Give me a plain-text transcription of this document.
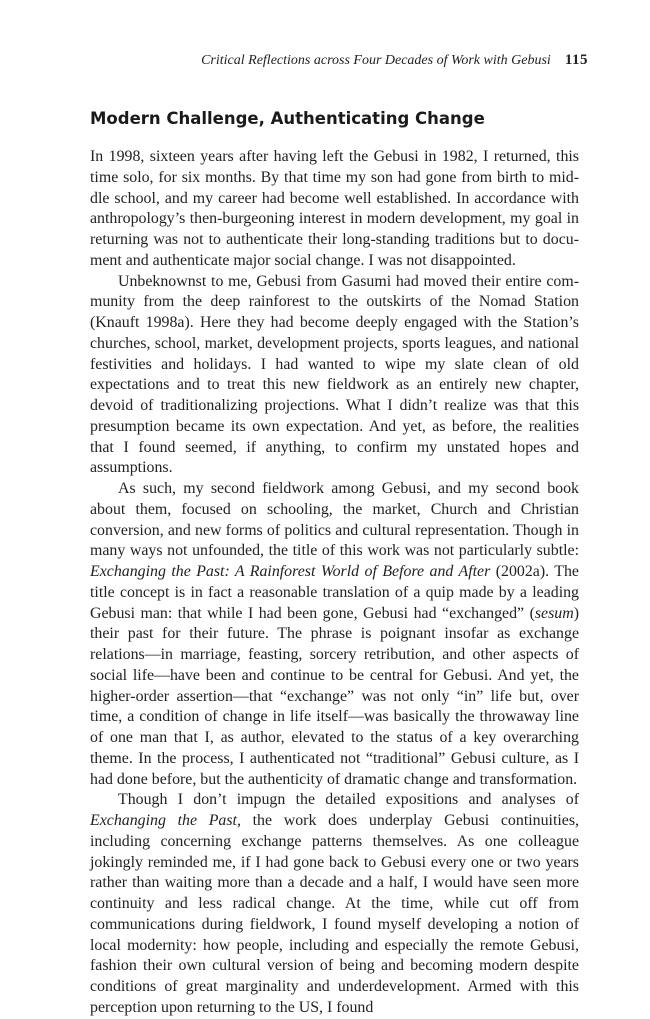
Critical Reflections across Four Decades of Work with Gebusi 115
Modern Challenge, Authenticating Change

In 1998, sixteen years after having left the Gebusi in 1982, I returned, this time solo, for six months. By that time my son had gone from birth to middle school, and my career had become well established. In accordance with anthropology’s then-burgeoning interest in modern development, my goal in returning was not to authenticate their long-standing traditions but to document and authenticate major social change. I was not disappointed.

Unbeknownst to me, Gebusi from Gasumi had moved their entire community from the deep rainforest to the outskirts of the Nomad Station (Knauft 1998a). Here they had become deeply engaged with the Station’s churches, school, market, development projects, sports leagues, and national festivities and holidays. I had wanted to wipe my slate clean of old expectations and to treat this new fieldwork as an entirely new chapter, devoid of traditionalizing projections. What I didn’t realize was that this presumption became its own expectation. And yet, as before, the realities that I found seemed, if anything, to confirm my unstated hopes and assumptions.

As such, my second fieldwork among Gebusi, and my second book about them, focused on schooling, the market, Church and Christian conversion, and new forms of politics and cultural representation. Though in many ways not unfounded, the title of this work was not particularly subtle: Exchanging the Past: A Rainforest World of Before and After (2002a). The title concept is in fact a reasonable translation of a quip made by a leading Gebusi man: that while I had been gone, Gebusi had “exchanged” (sesum) their past for their future. The phrase is poignant insofar as exchange relations—in marriage, feasting, sorcery retribution, and other aspects of social life—have been and continue to be central for Gebusi. And yet, the higher-order assertion—that “exchange” was not only “in” life but, over time, a condition of change in life itself—was basically the throwaway line of one man that I, as author, elevated to the status of a key overarching theme. In the process, I authenticated not “traditional” Gebusi culture, as I had done before, but the authenticity of dramatic change and transformation.

Though I don’t impugn the detailed expositions and analyses of Exchanging the Past, the work does underplay Gebusi continuities, including concerning exchange patterns themselves. As one colleague jokingly reminded me, if I had gone back to Gebusi every one or two years rather than waiting more than a decade and a half, I would have seen more continuity and less radical change. At the time, while cut off from communications during fieldwork, I found myself developing a notion of local modernity: how people, including and especially the remote Gebusi, fashion their own cultural version of being and becoming modern despite conditions of great marginality and underdevelopment. Armed with this perception upon returning to the US, I found
